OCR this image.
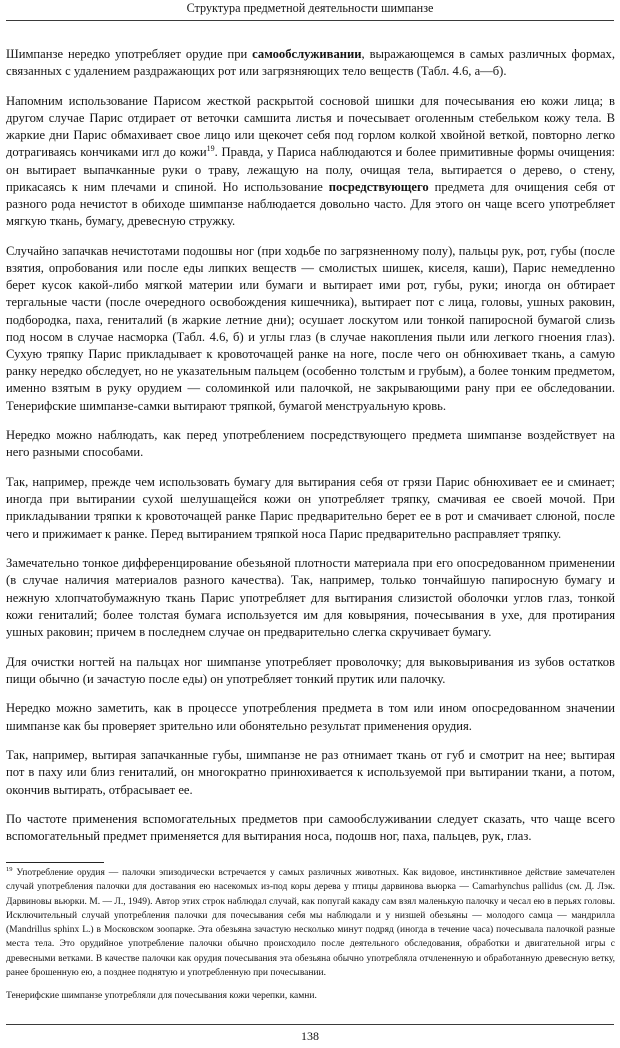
Структура предметной деятельности шимпанзе

Шимпанзе нередко употребляет орудие при самообслуживании, выражающемся в самых различных формах, связанных с удалением раздражающих рот или загрязняющих тело веществ (Табл. 4.6, а—б).

Напомним использование Парисом жесткой раскрытой сосновой шишки для почесывания ею кожи лица; в другом случае Парис отдирает от веточки самшита листья и почесывает оголенным стебельком кожу тела. В жаркие дни Парис обмахивает свое лицо или щекочет себя под горлом колкой хвойной веткой, повторно легко дотрагиваясь кончиками игл до кожи$^{19}$. Правда, у Париса наблюдаются и более примитивные формы очищения: он вытирает выпачканные руки о траву, лежащую на полу, очищая тела, вытирается о дерево, о стену, прикасаясь к ним плечами и спиной. Но использование посредствующего предмета для очищения себя от разного рода нечистот в обиходе шимпанзе наблюдается довольно часто. Для этого он чаще всего употребляет мягкую ткань, бумагу, древесную стружку.

Случайно запачкав нечистотами подошвы ног (при ходьбе по загрязненному полу), пальцы рук, рот, губы (после взятия, опробования или после еды липких веществ — смолистых шишек, киселя, каши), Парис немедленно берет кусок какой-либо мягкой материи или бумаги и вытирает ими рот, губы, руки; иногда он обтирает тергальные части (после очередного освобождения кишечника), вытирает пот с лица, головы, ушных раковин, подбородка, паха, гениталий (в жаркие летние дни); осушает лоскутом или тонкой папиросной бумагой слизь под носом в случае насморка (Табл. 4.6, б) и углы глаз (в случае накопления пыли или легкого гноения глаз). Сухую тряпку Парис прикладывает к кровоточащей ранке на ноге, после чего он обнюхивает ткань, а самую ранку нередко обследует, но не указательным пальцем (особенно толстым и грубым), а более тонким предметом, именно взятым в руку орудием — соломинкой или палочкой, не закрывающими рану при ее обследовании. Тенерифские шимпанзе-самки вытирают тряпкой, бумагой менструальную кровь.

Нередко можно наблюдать, как перед употреблением посредствующего предмета шимпанзе воздействует на него разными способами.

Так, например, прежде чем использовать бумагу для вытирания себя от грязи Парис обнюхивает ее и сминает; иногда при вытирании сухой шелушащейся кожи он употребляет тряпку, смачивая ее своей мочой. При прикладывании тряпки к кровоточащей ранке Парис предварительно берет ее в рот и смачивает слюной, после чего и прижимает к ранке. Перед вытиранием тряпкой носа Парис предварительно расправляет тряпку.

Замечательно тонкое дифференцирование обезьяной плотности материала при его опосредованном применении (в случае наличия материалов разного качества). Так, например, только тончайшую папиросную бумагу и нежную хлопчатобумажную ткань Парис употребляет для вытирания слизистой оболочки углов глаз, тонкой кожи гениталий; более толстая бумага используется им для ковыряния, почесывания в ухе, для протирания ушных раковин; причем в последнем случае он предварительно слегка скручивает бумагу.

Для очистки ногтей на пальцах ног шимпанзе употребляет проволочку; для выковыривания из зубов остатков пищи обычно (и зачастую после еды) он употребляет тонкий прутик или палочку.

Нередко можно заметить, как в процессе употребления предмета в том или ином опосредованном значении шимпанзе как бы проверяет зрительно или обонятельно результат применения орудия.

Так, например, вытирая запачканные губы, шимпанзе не раз отнимает ткань от губ и смотрит на нее; вытирая пот в паху или близ гениталий, он многократно принюхивается к используемой при вытирании ткани, а потом, окончив вытирать, отбрасывает ее.

По частоте применения вспомогательных предметов при самообслуживании следует сказать, что чаще всего вспомогательный предмет применяется для вытирания носа, подошв ног, паха, пальцев, рук, глаз.

$^{19}$ Употребление орудия — палочки эпизодически встречается у самых различных животных. Как видовое, инстинктивное действие замечателен случай употребления палочки для доставания ею насекомых из-под коры дерева у птицы дарвинова вьюрка — Camarhynchus pallidus (см. Д. Лэк. Дарвиновы вьюрки. М. — Л., 1949). Автор этих строк наблюдал случай, как попугай какаду сам взял маленькую палочку и чесал ею в перьях головы. Исключительный случай употребления палочки для почесывания себя мы наблюдали и у низшей обезьяны — молодого самца — мандрилла (Mandrillus sphinx L.) в Московском зоопарке. Эта обезьяна зачастую несколько минут подряд (иногда в течение часа) почесывала палочкой разные места тела. Это орудийное употребление палочки обычно происходило после деятельного обследования, обработки и двигательной игры с древесными ветками. В качестве палочки как орудия почесывания эта обезьяна обычно употребляла отчлененную и обработанную древесную ветку, ранее брошенную ею, а позднее поднятую и употребленную при почесывании.

Тенерифские шимпанзе употребляли для почесывания кожи черепки, камни.

138
